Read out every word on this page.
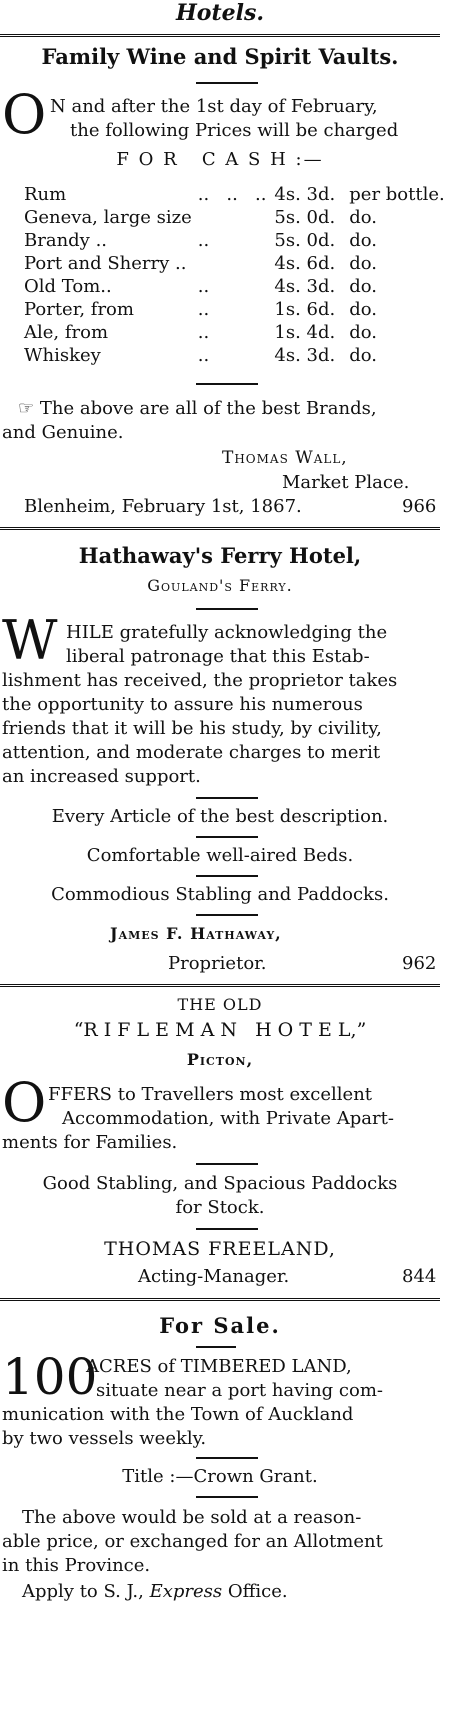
Hotels.
Family Wine and Spirit Vaults.
O N and after the 1st day of February,
the following Prices will be charged
F O R   C A S H :—
Rum	..   ..   ..	4s. 3d.	per bottle.
Geneva, large size		5s. 0d.	do.
Brandy ..	..	5s. 0d.	do.
Port and Sherry ..		4s. 6d.	do.
Old Tom..	..	4s. 3d.	do.
Porter, from	..	1s. 6d.	do.
Ale, from	..	1s. 4d.	do.
Whiskey	..	4s. 3d.	do.
☞ The above are all of the best Brands,
and Genuine.
Thomas Wall,
Market Place.
Blenheim, February 1st, 1867.	966
Hathaway's Ferry Hotel,
Gouland's Ferry.
W HILE gratefully acknowledging the
liberal patronage that this Estab-
lishment has received, the proprietor takes
the opportunity to assure his numerous
friends that it will be his study, by civility,
attention, and moderate charges to merit
an increased support.
Every Article of the best description.
Comfortable well-aired Beds.
Commodious Stabling and Paddocks.
James F. Hathaway,
Proprietor.	962
THE OLD
“R I F L E M A N   H O T E L,”
Picton,
O FFERS to Travellers most excellent
Accommodation, with Private Apart-
ments for Families.
Good Stabling, and Spacious Paddocks
for Stock.
THOMAS FREELAND,
Acting-Manager.	844
For Sale.
100
ACRES of TIMBERED LAND,
situate near a port having com-
munication with the Town of Auckland
by two vessels weekly.
Title :—Crown Grant.
The above would be sold at a reason-
able price, or exchanged for an Allotment
in this Province.
Apply to S. J., Express Office.
